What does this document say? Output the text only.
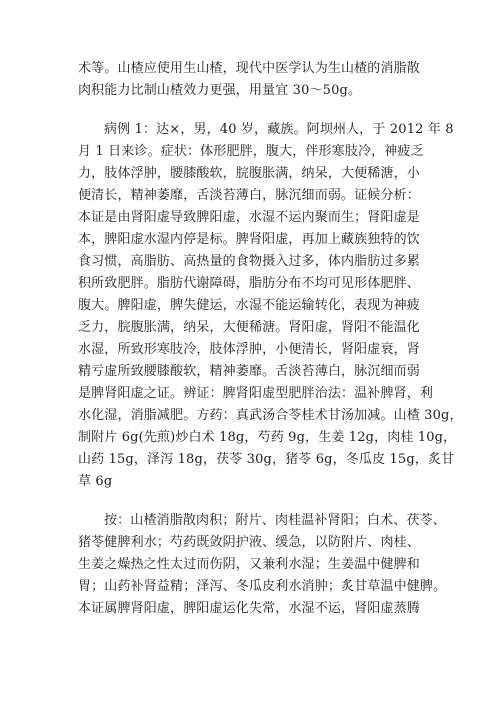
术等。山楂应使用生山楂，现代中医学认为生山楂的消脂散
肉积能力比制山楂效力更强，用量宜 30～50g。
病例 1：达×，男，40 岁，藏族。阿坝州人，于 2012 年 8
月 1 日来诊。症状：体形肥胖，腹大，伴形寒肢冷，神疲乏
力，肢体浮肿，腰膝酸软，脘腹胀满，纳呆，大便稀溏，小
便清长，精神萎靡，舌淡苔薄白，脉沉细而弱。证候分析：
本证是由肾阳虚导致脾阳虚，水湿不运内聚而生；肾阳虚是
本，脾阳虚水湿内停是标。脾肾阳虚，再加上藏族独特的饮
食习惯，高脂肪、高热量的食物摄入过多，体内脂肪过多累
积所致肥胖。脂肪代谢障碍，脂肪分布不均可见形体肥胖、
腹大。脾阳虚，脾失健运，水湿不能运输转化，表现为神疲
乏力，脘腹胀满，纳呆，大便稀溏。肾阳虚，肾阳不能温化
水湿，所致形寒肢冷，肢体浮肿，小便清长，肾阳虚衰，肾
精亏虚所致腰膝酸软，精神萎靡。舌淡苔薄白，脉沉细而弱
是脾肾阳虚之证。辨证：脾肾阳虚型肥胖治法：温补脾肾，利
水化湿，消脂减肥。方药：真武汤合苓桂术甘汤加减。山楂 30g，
制附片 6g(先煎)炒白术 18g，芍药 9g，生姜 12g，肉桂 10g，
山药 15g，泽泻 18g，茯苓 30g，猪苓 6g，冬瓜皮 15g，炙甘
草 6g
按：山楂消脂散肉积；附片、肉桂温补肾阳；白术、茯苓、
猪苓健脾利水；芍药既敛阴护液、缓急，以防附片、肉桂、
生姜之燥热之性太过而伤阴，又兼利水湿；生姜温中健脾和
胃；山药补肾益精；泽泻、冬瓜皮利水消肿；炙甘草温中健脾。
本证属脾肾阳虚，脾阳虚运化失常，水湿不运，肾阳虚蒸腾
